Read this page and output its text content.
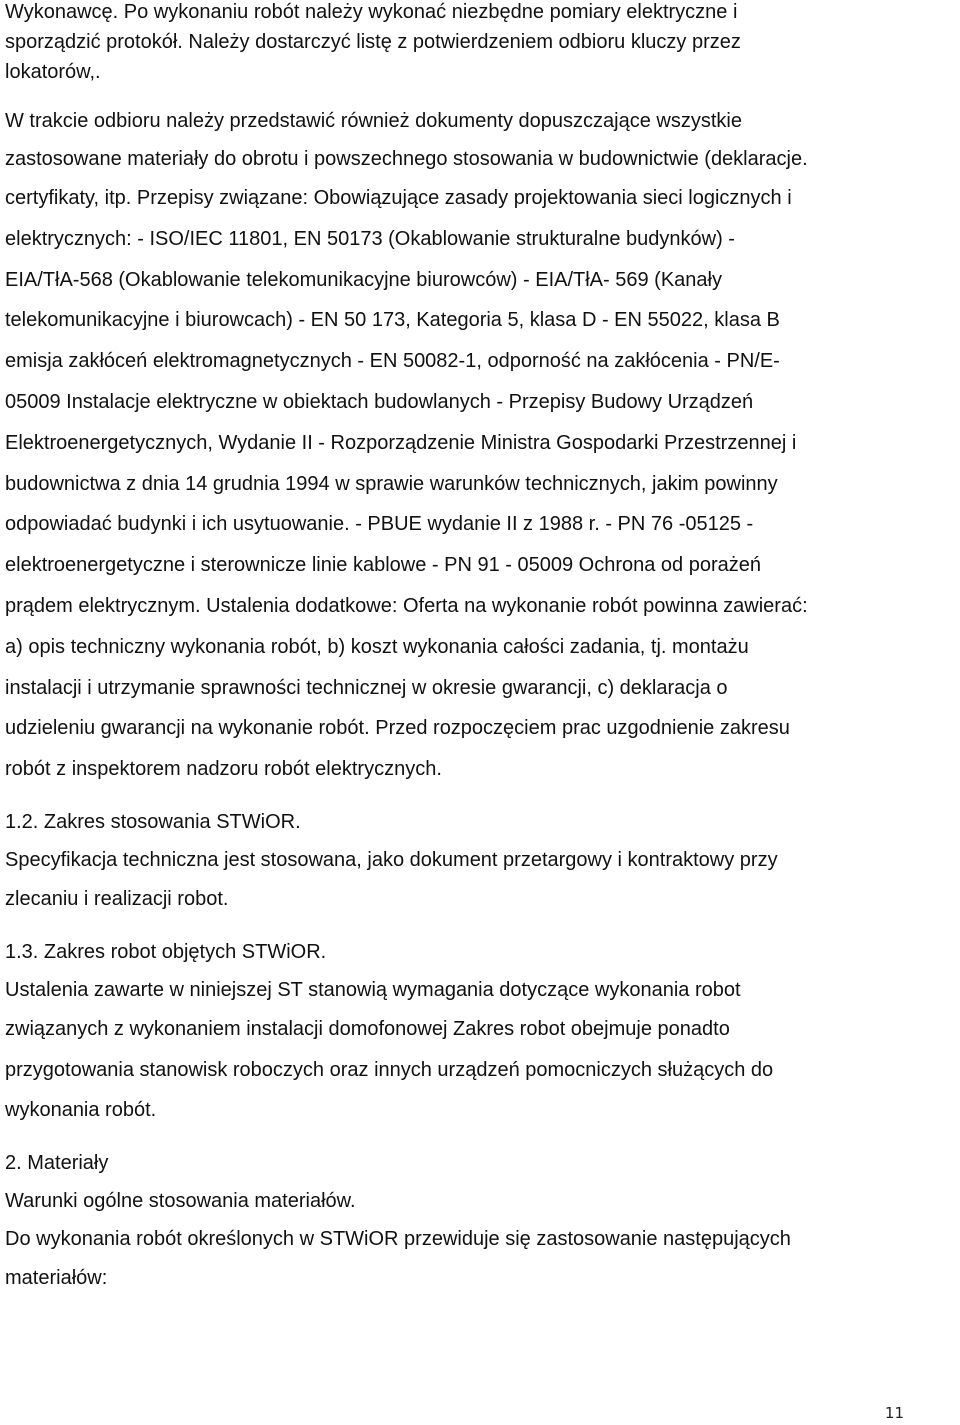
Wykonawcę. Po wykonaniu robót należy wykonać niezbędne pomiary elektryczne i

sporządzić protokół. Należy dostarczyć listę z potwierdzeniem odbioru kluczy przez

lokatorów,.

W trakcie odbioru należy przedstawić również dokumenty dopuszczające wszystkie

zastosowane materiały do obrotu i powszechnego stosowania w budownictwie (deklaracje.

certyfikaty, itp. Przepisy związane: Obowiązujące zasady projektowania sieci logicznych i

elektrycznych: - ISO/IEC 11801, EN 50173 (Okablowanie strukturalne budynków) -

EIA/TłA-568 (Okablowanie telekomunikacyjne biurowców) - EIA/TłA- 569 (Kanały

telekomunikacyjne i biurowcach) - EN 50 173, Kategoria 5, klasa D - EN 55022, klasa B

emisja zakłóceń elektromagnetycznych - EN 50082-1, odporność na zakłócenia - PN/E-

05009 Instalacje elektryczne w obiektach budowlanych - Przepisy Budowy Urządzeń

Elektroenergetycznych, Wydanie II - Rozporządzenie Ministra Gospodarki Przestrzennej i

budownictwa z dnia 14 grudnia 1994 w sprawie warunków technicznych, jakim powinny

odpowiadać budynki i ich usytuowanie. - PBUE wydanie II z 1988 r. - PN 76 -05125 -

elektroenergetyczne i sterownicze linie kablowe - PN 91 - 05009 Ochrona od porażeń

prądem elektrycznym. Ustalenia dodatkowe: Oferta na wykonanie robót powinna zawierać:

a) opis techniczny wykonania robót, b) koszt wykonania całości zadania, tj. montażu

instalacji i utrzymanie sprawności technicznej w okresie gwarancji, c) deklaracja o

udzieleniu gwarancji na wykonanie robót. Przed rozpoczęciem prac uzgodnienie zakresu

robót z inspektorem nadzoru robót elektrycznych.

1.2. Zakres stosowania STWiOR.

Specyfikacja techniczna jest stosowana, jako dokument przetargowy i kontraktowy przy

zlecaniu i realizacji robot.

1.3. Zakres robot objętych STWiOR.

Ustalenia zawarte w niniejszej ST stanowią wymagania dotyczące wykonania robot

związanych z wykonaniem instalacji domofonowej Zakres robot obejmuje ponadto

przygotowania stanowisk roboczych oraz innych urządzeń pomocniczych służących do

wykonania robót.

2. Materiały

Warunki ogólne stosowania materiałów.

Do wykonania robót określonych w STWiOR przewiduje się zastosowanie następujących

materiałów:

11
